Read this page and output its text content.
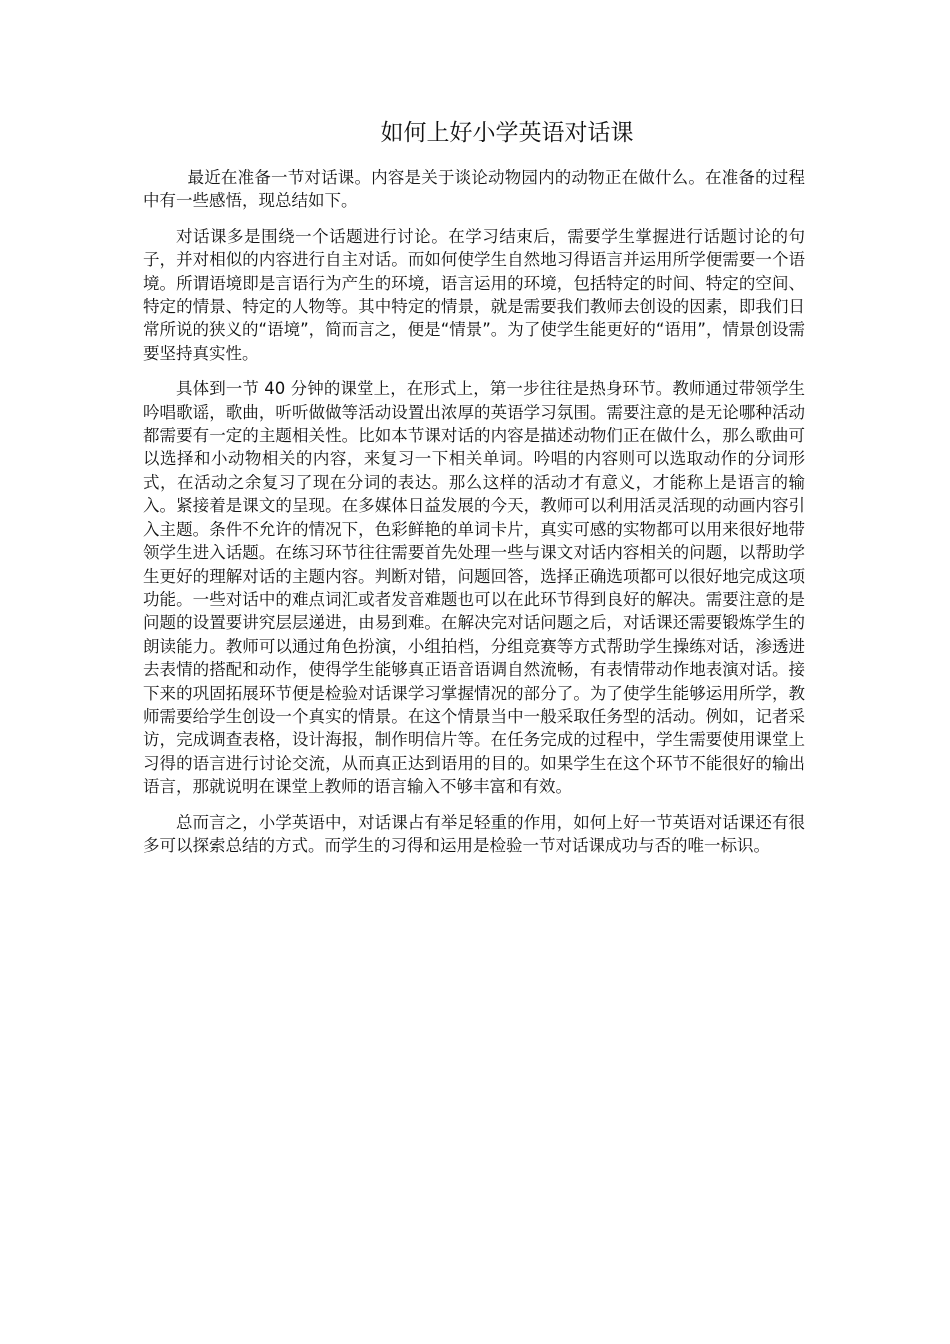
如何上好小学英语对话课

最近在准备一节对话课。内容是关于谈论动物园内的动物正在做什么。在准备的过程中有一些感悟，现总结如下。

对话课多是围绕一个话题进行讨论。在学习结束后，需要学生掌握进行话题讨论的句子，并对相似的内容进行自主对话。而如何使学生自然地习得语言并运用所学便需要一个语境。所谓语境即是言语行为产生的环境，语言运用的环境，包括特定的时间、特定的空间、特定的情景、特定的人物等。其中特定的情景，就是需要我们教师去创设的因素，即我们日常所说的狭义的“语境”，简而言之，便是“情景”。为了使学生能更好的“语用”，情景创设需要坚持真实性。

具体到一节 40 分钟的课堂上，在形式上，第一步往往是热身环节。教师通过带领学生吟唱歌谣，歌曲，听听做做等活动设置出浓厚的英语学习氛围。需要注意的是无论哪种活动都需要有一定的主题相关性。比如本节课对话的内容是描述动物们正在做什么，那么歌曲可以选择和小动物相关的内容，来复习一下相关单词。吟唱的内容则可以选取动作的分词形式，在活动之余复习了现在分词的表达。那么这样的活动才有意义，才能称上是语言的输入。紧接着是课文的呈现。在多媒体日益发展的今天，教师可以利用活灵活现的动画内容引入主题。条件不允许的情况下，色彩鲜艳的单词卡片，真实可感的实物都可以用来很好地带领学生进入话题。在练习环节往往需要首先处理一些与课文对话内容相关的问题，以帮助学生更好的理解对话的主题内容。判断对错，问题回答，选择正确选项都可以很好地完成这项功能。一些对话中的难点词汇或者发音难题也可以在此环节得到良好的解决。需要注意的是问题的设置要讲究层层递进，由易到难。在解决完对话问题之后，对话课还需要锻炼学生的朗读能力。教师可以通过角色扮演，小组拍档，分组竞赛等方式帮助学生操练对话，渗透进去表情的搭配和动作，使得学生能够真正语音语调自然流畅，有表情带动作地表演对话。接下来的巩固拓展环节便是检验对话课学习掌握情况的部分了。为了使学生能够运用所学，教师需要给学生创设一个真实的情景。在这个情景当中一般采取任务型的活动。例如，记者采访，完成调查表格，设计海报，制作明信片等。在任务完成的过程中，学生需要使用课堂上习得的语言进行讨论交流，从而真正达到语用的目的。如果学生在这个环节不能很好的输出语言，那就说明在课堂上教师的语言输入不够丰富和有效。

总而言之，小学英语中，对话课占有举足轻重的作用，如何上好一节英语对话课还有很多可以探索总结的方式。而学生的习得和运用是检验一节对话课成功与否的唯一标识。
